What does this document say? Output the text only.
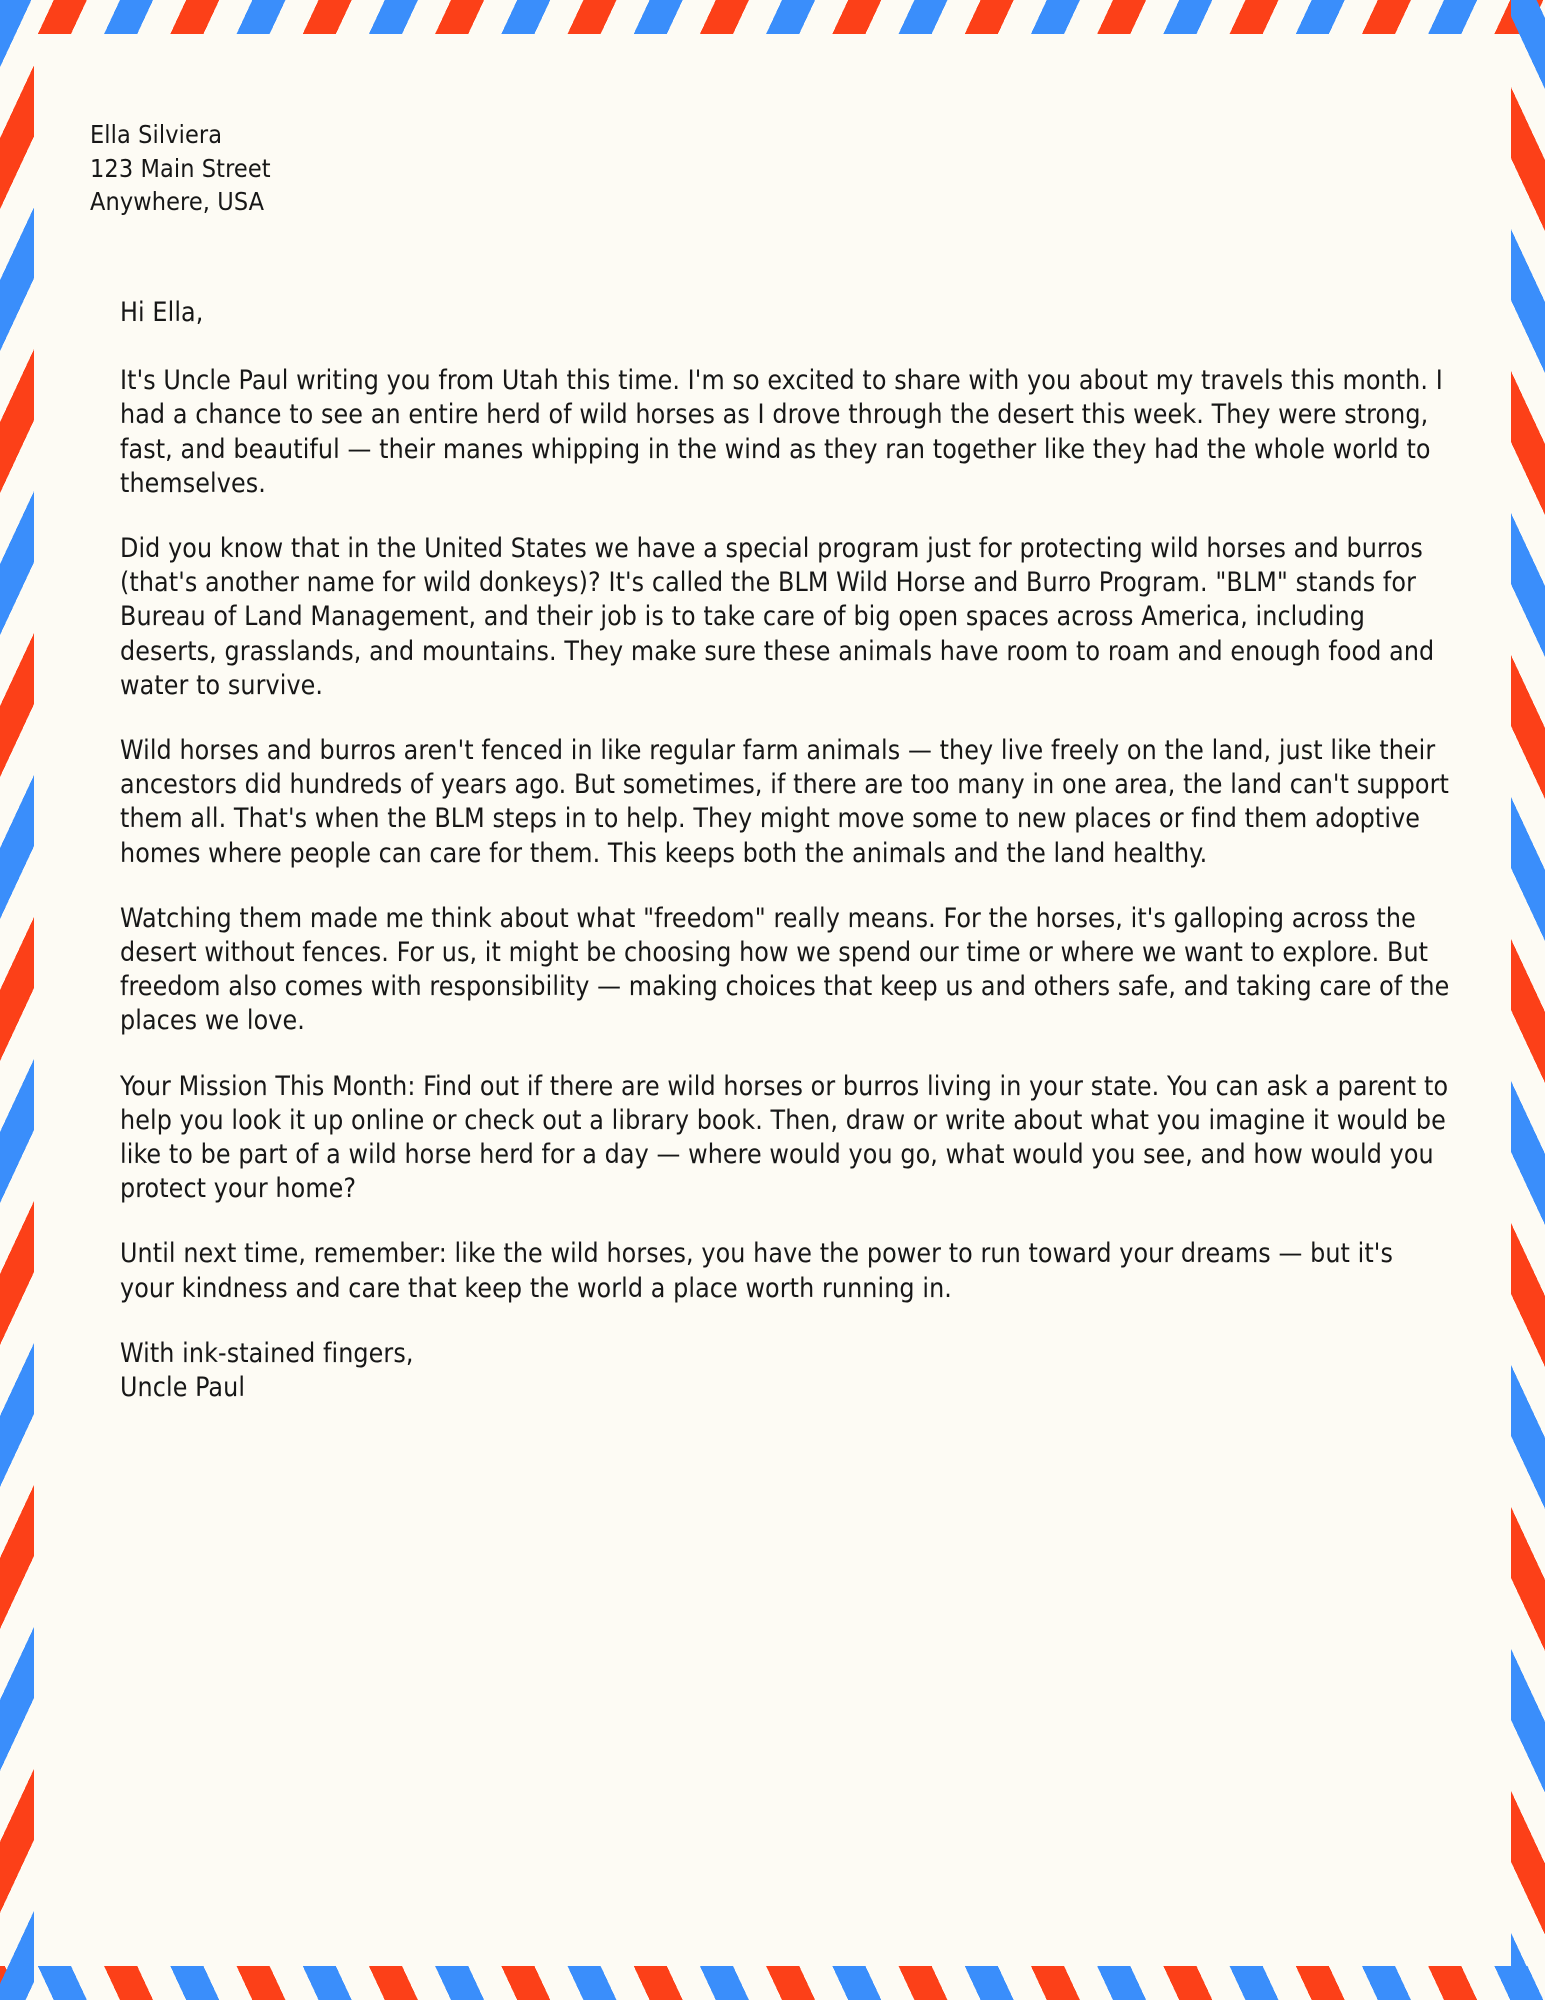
Ella Silviera
123 Main Street
Anywhere, USA
Hi Ella,

It's Uncle Paul writing you from Utah this time. I'm so excited to share with you about my travels this month. I had a chance to see an entire herd of wild horses as I drove through the desert this week. They were strong, fast, and beautiful — their manes whipping in the wind as they ran together like they had the whole world to themselves.

Did you know that in the United States we have a special program just for protecting wild horses and burros (that's another name for wild donkeys)? It's called the BLM Wild Horse and Burro Program. "BLM" stands for Bureau of Land Management, and their job is to take care of big open spaces across America, including deserts, grasslands, and mountains. They make sure these animals have room to roam and enough food and water to survive.

Wild horses and burros aren't fenced in like regular farm animals — they live freely on the land, just like their ancestors did hundreds of years ago. But sometimes, if there are too many in one area, the land can't support them all. That's when the BLM steps in to help. They might move some to new places or find them adoptive homes where people can care for them. This keeps both the animals and the land healthy.

Watching them made me think about what "freedom" really means. For the horses, it's galloping across the desert without fences. For us, it might be choosing how we spend our time or where we want to explore. But freedom also comes with responsibility — making choices that keep us and others safe, and taking care of the places we love.

Your Mission This Month: Find out if there are wild horses or burros living in your state. You can ask a parent to help you look it up online or check out a library book. Then, draw or write about what you imagine it would be like to be part of a wild horse herd for a day — where would you go, what would you see, and how would you protect your home?

Until next time, remember: like the wild horses, you have the power to run toward your dreams — but it's your kindness and care that keep the world a place worth running in.

With ink-stained fingers,
Uncle Paul
